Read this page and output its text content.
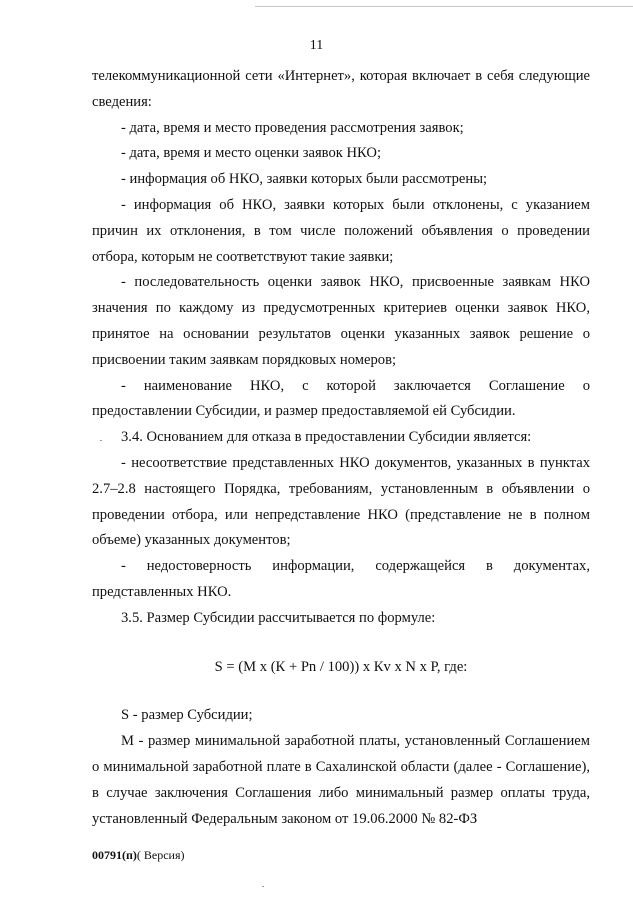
11

телекоммуникационной сети «Интернет», которая включает в себя следующие сведения:

- дата, время и место проведения рассмотрения заявок;

- дата, время и место оценки заявок НКО;

- информация об НКО, заявки которых были рассмотрены;

- информация об НКО, заявки которых были отклонены, с указанием причин их отклонения, в том числе положений объявления о проведении отбора, которым не соответствуют такие заявки;

- последовательность оценки заявок НКО, присвоенные заявкам НКО значения по каждому из предусмотренных критериев оценки заявок НКО, принятое на основании результатов оценки указанных заявок решение о присвоении таким заявкам порядковых номеров;

- наименование НКО, с которой заключается Соглашение о предоставлении Субсидии, и размер предоставляемой ей Субсидии.

3.4. Основанием для отказа в предоставлении Субсидии является:

- несоответствие представленных НКО документов, указанных в пунктах 2.7–2.8 настоящего Порядка, требованиям, установленным в объявлении о проведении отбора, или непредставление НКО (представление не в полном объеме) указанных документов;

- недостоверность информации, содержащейся в документах, представленных НКО.

3.5. Размер Субсидии рассчитывается по формуле:

S = (М х (К + Рn / 100)) х Кv х N х Р, где:

S - размер Субсидии;

М - размер минимальной заработной платы, установленный Соглашением о минимальной заработной плате в Сахалинской области (далее - Соглашение), в случае заключения Соглашения либо минимальный размер оплаты труда, установленный Федеральным законом от 19.06.2000 № 82-ФЗ

00791(п)( Версия)
